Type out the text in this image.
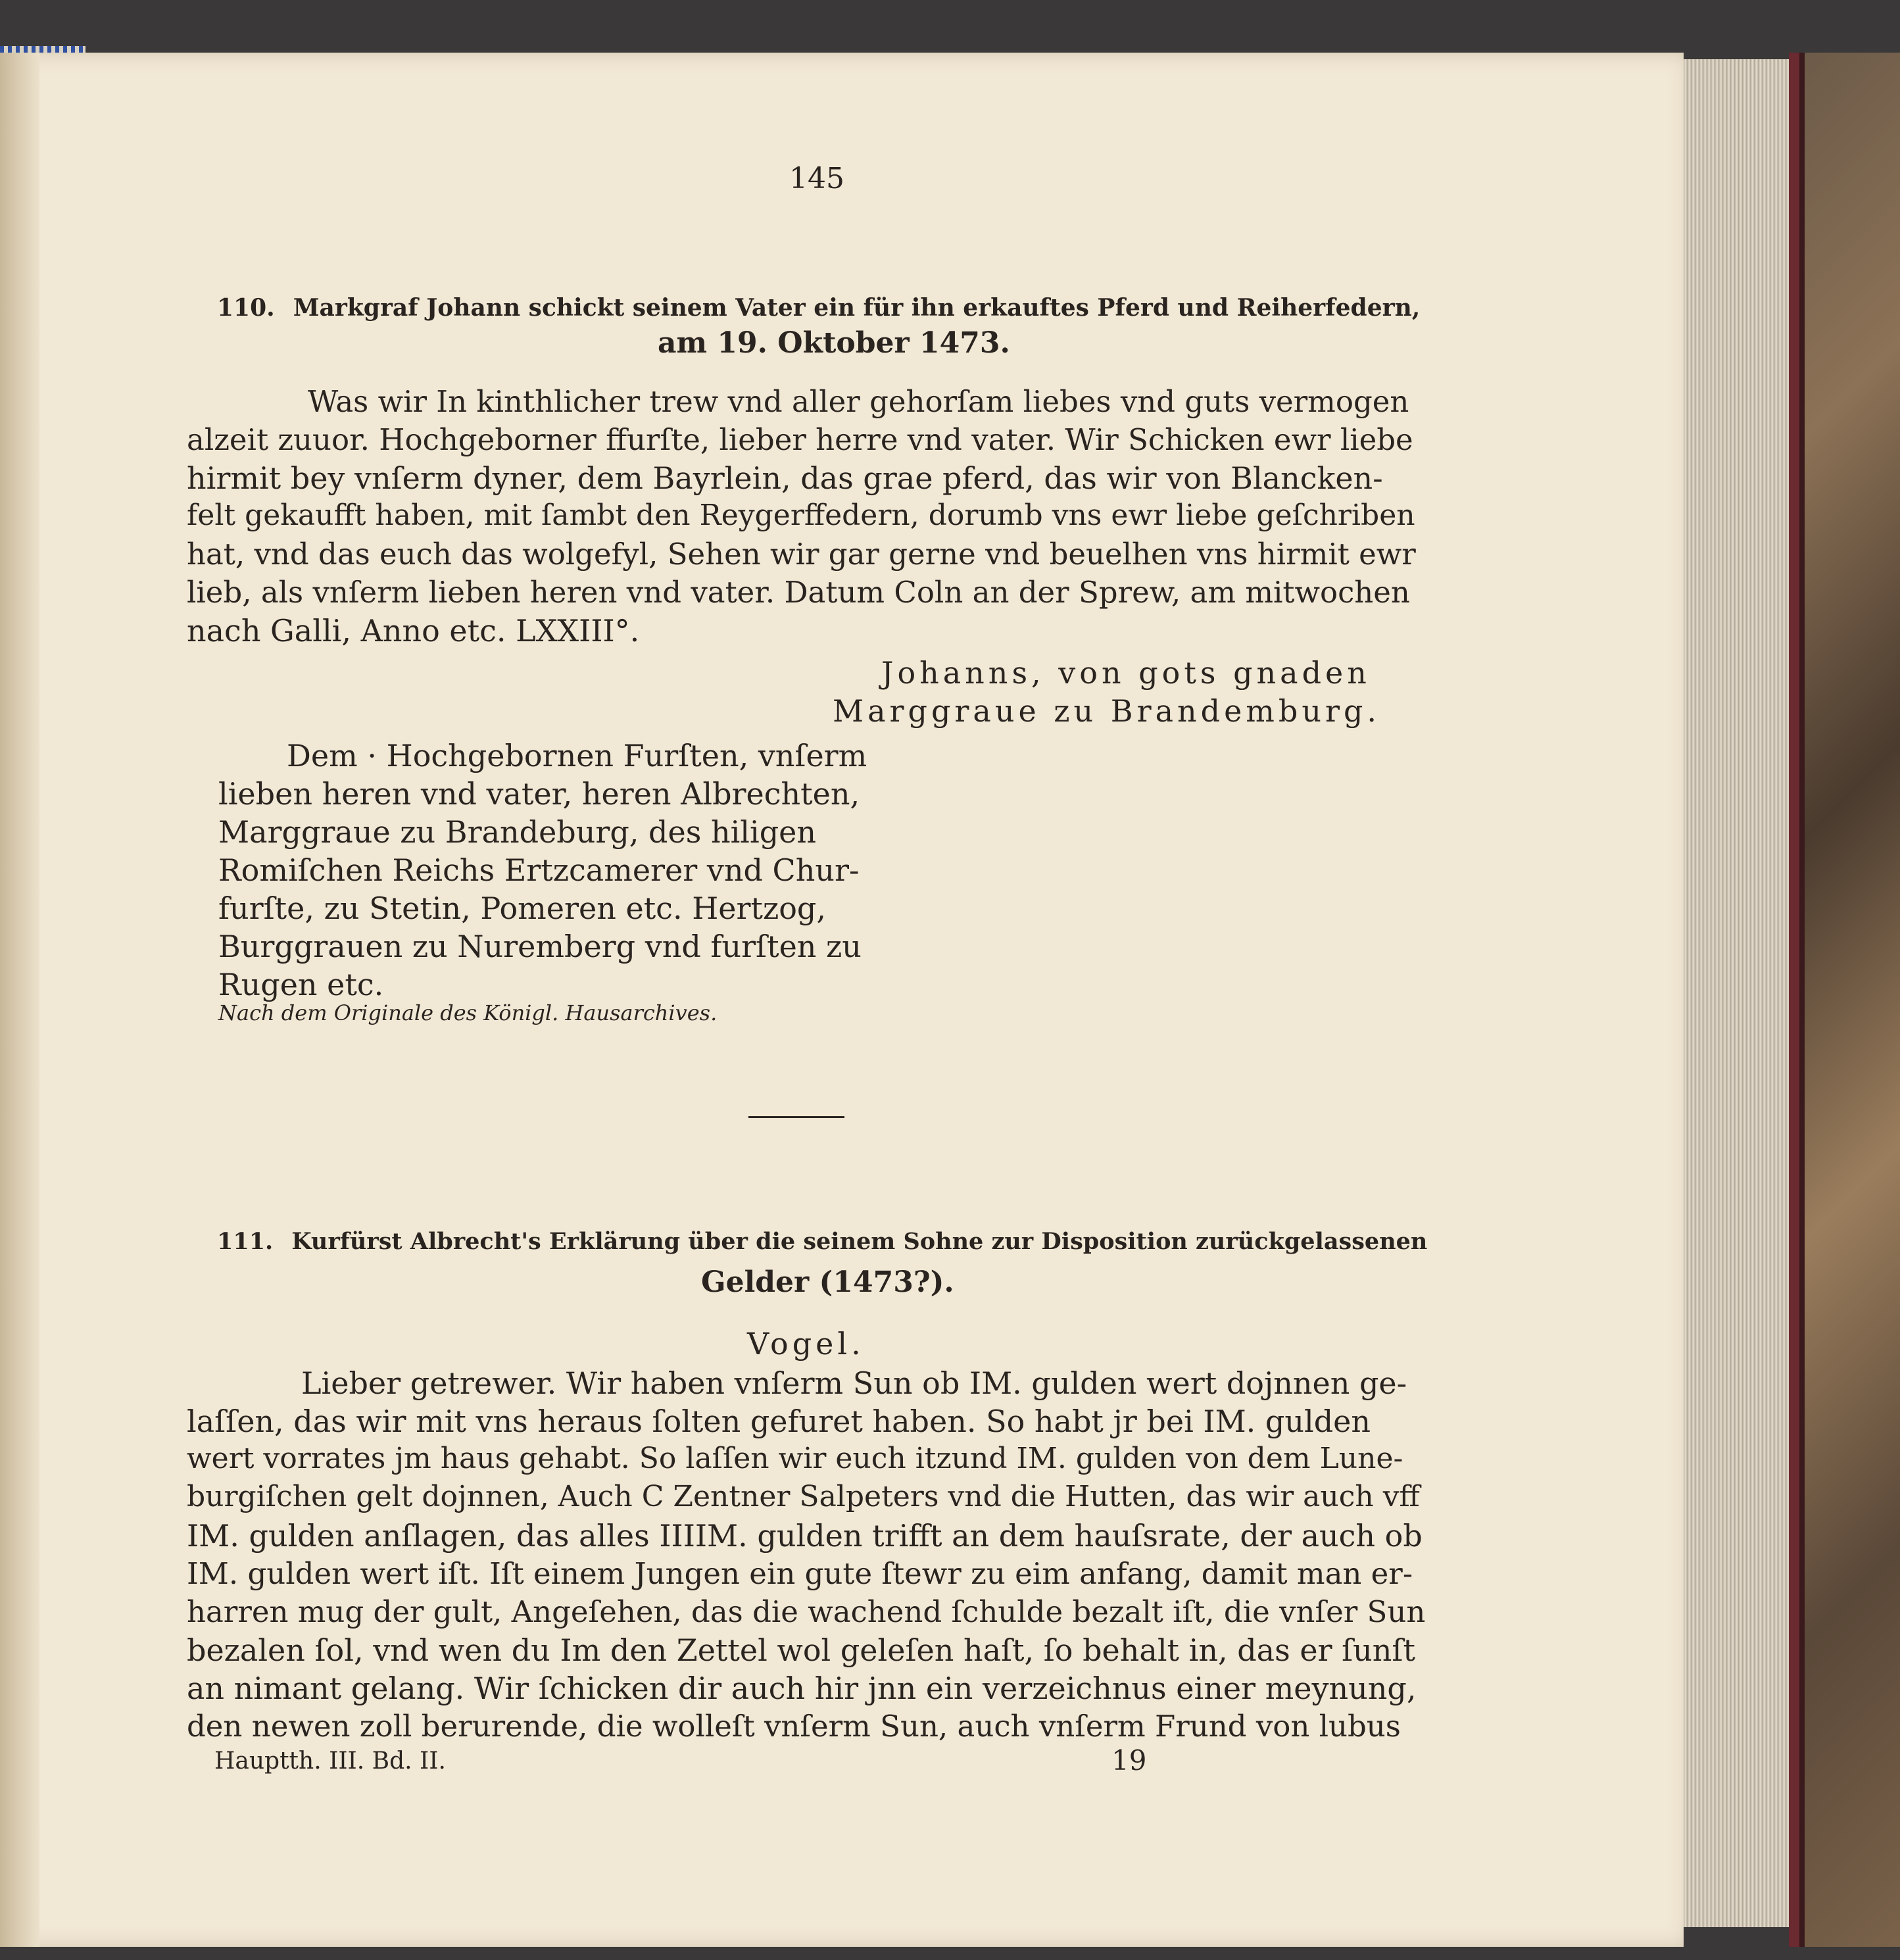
145
110. Markgraf Johann schickt seinem Vater ein für ihn erkauftes Pferd und Reiherfedern,
am 19. Oktober 1473.
Was wir In kinthlicher trew vnd aller gehorſam liebes vnd guts vermogen
alzeit zuuor. Hochgeborner ffurſte, lieber herre vnd vater. Wir Schicken ewr liebe
hirmit bey vnſerm dyner, dem Bayrlein, das grae pferd, das wir von Blancken-
felt gekaufft haben, mit ſambt den Reygerffedern, dorumb vns ewr liebe geſchriben
hat, vnd das euch das wolgefyl, Sehen wir gar gerne vnd beuelhen vns hirmit ewr
lieb, als vnſerm lieben heren vnd vater. Datum Coln an der Sprew, am mitwochen
nach Galli, Anno etc. LXXIII°.
Johanns, von gots gnaden
Marggraue zu Brandemburg.
Dem · Hochgebornen Furſten, vnſerm
lieben heren vnd vater, heren Albrechten,
Marggraue zu Brandeburg, des hiligen
Romiſchen Reichs Ertzcamerer vnd Chur-
furſte, zu Stetin, Pomeren etc. Hertzog,
Burggrauen zu Nuremberg vnd furſten zu
Rugen etc.
Nach dem Originale des Königl. Hausarchives.
111. Kurfürst Albrecht's Erklärung über die seinem Sohne zur Disposition zurückgelassenen
Gelder (1473?).
Vogel.
Lieber getrewer. Wir haben vnſerm Sun ob IM. gulden wert dojnnen ge-
laſſen, das wir mit vns heraus ſolten gefuret haben. So habt jr bei IM. gulden
wert vorrates jm haus gehabt. So laſſen wir euch itzund IM. gulden von dem Lune-
burgiſchen gelt dojnnen, Auch C Zentner Salpeters vnd die Hutten, das wir auch vff
IM. gulden anſlagen, das alles IIIIM. gulden trifft an dem hauſsrate, der auch ob
IM. gulden wert iſt. Iſt einem Jungen ein gute ſtewr zu eim anfang, damit man er-
harren mug der gult, Angeſehen, das die wachend ſchulde bezalt iſt, die vnſer Sun
bezalen ſol, vnd wen du Im den Zettel wol geleſen haſt, ſo behalt in, das er ſunſt
an nimant gelang. Wir ſchicken dir auch hir jnn ein verzeichnus einer meynung,
den newen zoll berurende, die wolleſt vnſerm Sun, auch vnſerm Frund von lubus
Hauptth. III. Bd. II.	19
